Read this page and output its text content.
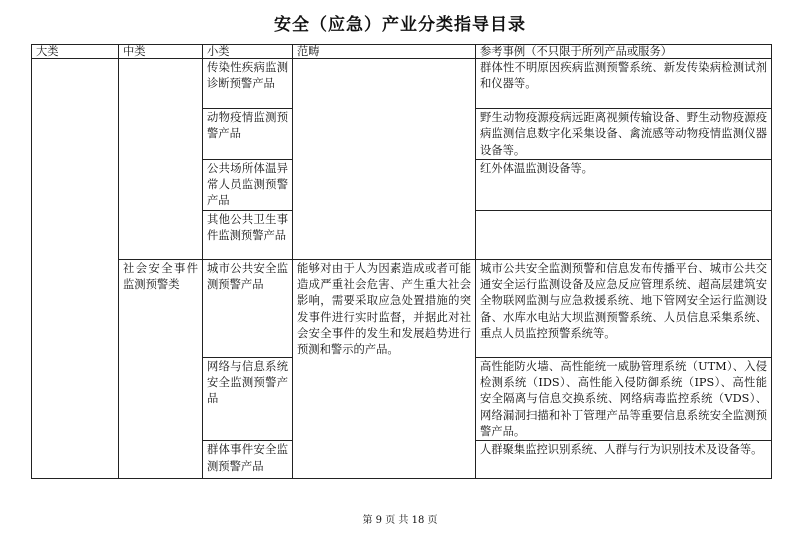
安全（应急）产业分类指导目录
大类	中类	小类	范畴	参考事例（不只限于所列产品或服务）
		传染性疾病监测诊断预警产品		群体性不明原因疾病监测预警系统、新发传染病检测试剂和仪器等。
		动物疫情监测预警产品		野生动物疫源疫病远距离视频传输设备、野生动物疫源疫病监测信息数字化采集设备、禽流感等动物疫情监测仪器设备等。
		公共场所体温异常人员监测预警产品		红外体温监测设备等。
		其他公共卫生事件监测预警产品		
	社会安全事件监测预警类	城市公共安全监测预警产品	能够对由于人为因素造成或者可能造成严重社会危害、产生重大社会影响，需要采取应急处置措施的突发事件进行实时监督，并据此对社会安全事件的发生和发展趋势进行预测和警示的产品。	城市公共安全监测预警和信息发布传播平台、城市公共交通安全运行监测设备及应急反应管理系统、超高层建筑安全物联网监测与应急救援系统、地下管网安全运行监测设备、水库水电站大坝监测预警系统、人员信息采集系统、重点人员监控预警系统等。
		网络与信息系统安全监测预警产品		高性能防火墙、高性能统一威胁管理系统（UTM）、入侵检测系统（IDS）、高性能入侵防御系统（IPS）、高性能安全隔离与信息交换系统、网络病毒监控系统（VDS）、网络漏洞扫描和补丁管理产品等重要信息系统安全监测预警产品。
		群体事件安全监测预警产品		人群聚集监控识别系统、人群与行为识别技术及设备等。
第 9 页 共 18 页
